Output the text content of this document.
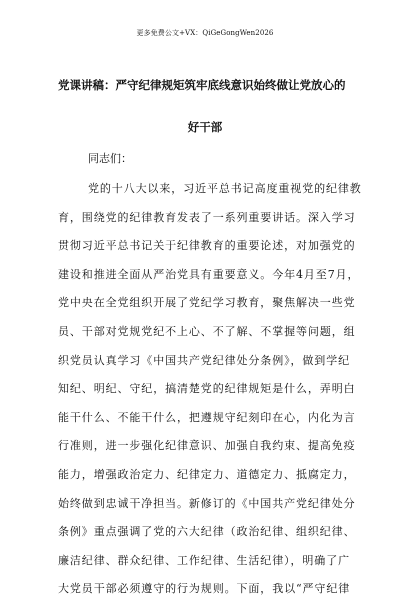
更多免费公文+VX：QiGeGongWen2026
党课讲稿：严守纪律规矩筑牢底线意识始终做让党放心的
好干部
同志们：
党的十八大以来，习近平总书记高度重视党的纪律教
育，围绕党的纪律教育发表了一系列重要讲话。深入学习
贯彻习近平总书记关于纪律教育的重要论述，对加强党的
建设和推进全面从严治党具有重要意义。今年4月至7月，
党中央在全党组织开展了党纪学习教育，聚焦解决一些党
员、干部对党规党纪不上心、不了解、不掌握等问题，组
织党员认真学习《中国共产党纪律处分条例》，做到学纪
知纪、明纪、守纪，搞清楚党的纪律规矩是什么，弄明白
能干什么、不能干什么，把遵规守纪刻印在心，内化为言
行准则，进一步强化纪律意识、加强自我约束、提高免疫
能力，增强政治定力、纪律定力、道德定力、抵腐定力，
始终做到忠诚干净担当。新修订的《中国共产党纪律处分
条例》重点强调了党的六大纪律（政治纪律、组织纪律、
廉洁纪律、群众纪律、工作纪律、生活纪律），明确了广
大党员干部必须遵守的行为规则。下面，我以“严守纪律
